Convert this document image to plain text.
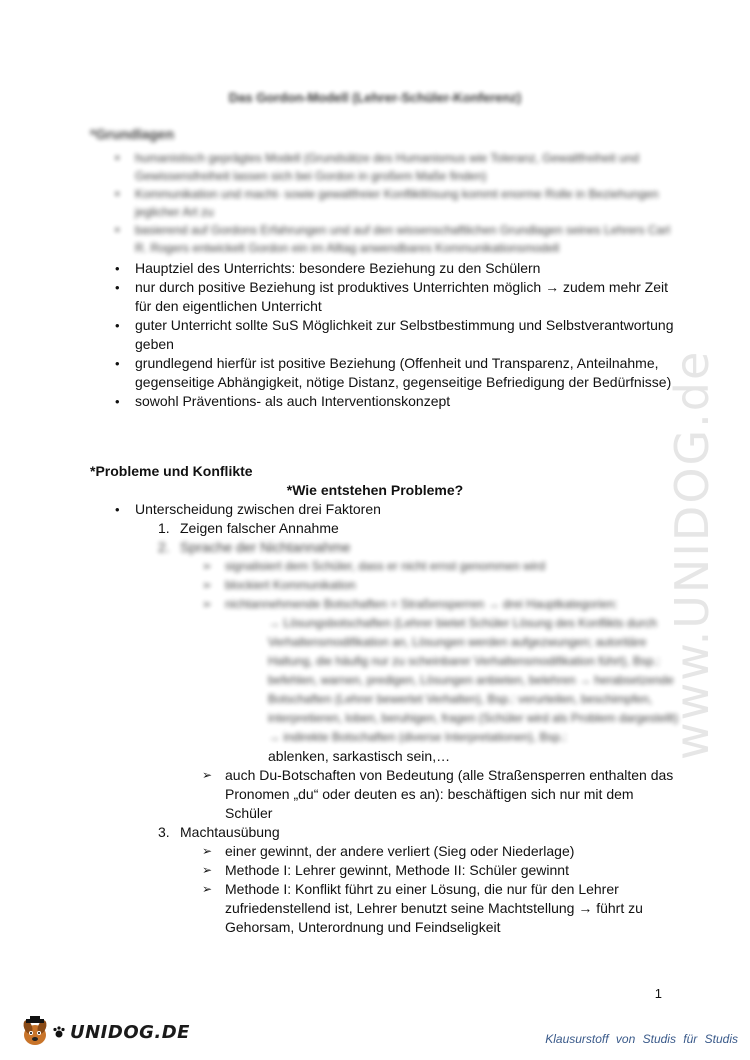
www.UNIDOG.de
Das Gordon-Modell (Lehrer-Schüler-Konferenz)

*Grundlagen

• humanistisch geprägtes Modell (Grundsätze des Humanismus wie Toleranz, Gewaltfreiheit und Gewissensfreiheit lassen sich bei Gordon in großem Maße finden)
• Kommunikation und macht- sowie gewaltfreier Konfliktlösung kommt enorme Rolle in Beziehungen jeglicher Art zu
• basierend auf Gordons Erfahrungen und auf den wissenschaftlichen Grundlagen seines Lehrers Carl R. Rogers entwickelt Gordon ein im Alltag anwendbares Kommunikationsmodell
• Hauptziel des Unterrichts: besondere Beziehung zu den Schülern
• nur durch positive Beziehung ist produktives Unterrichten möglich → zudem mehr Zeit für den eigentlichen Unterricht
• guter Unterricht sollte SuS Möglichkeit zur Selbstbestimmung und Selbstverantwortung geben
• grundlegend hierfür ist positive Beziehung (Offenheit und Transparenz, Anteilnahme, gegenseitige Abhängigkeit, nötige Distanz, gegenseitige Befriedigung der Bedürfnisse)
• sowohl Präventions- als auch Interventionskonzept

*Probleme und Konflikte

*Wie entstehen Probleme?
• Unterscheidung zwischen drei Faktoren
1. Zeigen falscher Annahme
2. Sprache der Nichtannahme
➢ signalisiert dem Schüler, dass er nicht ernst genommen wird
➢ blockiert Kommunikation
➢ nichtannehmende Botschaften = Straßensperren → drei Hauptkategorien:
→ Lösungsbotschaften (Lehrer bietet Schüler Lösung des Konflikts durch Verhaltensmodifikation an, Lösungen werden aufgezwungen; autoritäre Haltung, die häufig nur zu scheinbarer Verhaltensmodifikation führt), Bsp.: befehlen, warnen, predigen, Lösungen anbieten, belehren → herabsetzende Botschaften (Lehrer bewertet Verhalten), Bsp.: verurteilen, beschimpfen, interpretieren, loben, beruhigen, fragen (Schüler wird als Problem dargestellt) → indirekte Botschaften (diverse Interpretationen), Bsp.:
ablenken, sarkastisch sein,…
➢ auch Du-Botschaften von Bedeutung (alle Straßensperren enthalten das Pronomen „du“ oder deuten es an): beschäftigen sich nur mit dem Schüler
3. Machtausübung
➢ einer gewinnt, der andere verliert (Sieg oder Niederlage)
➢ Methode I: Lehrer gewinnt, Methode II: Schüler gewinnt
➢ Methode I: Konflikt führt zu einer Lösung, die nur für den Lehrer zufriedenstellend ist, Lehrer benutzt seine Machtstellung → führt zu Gehorsam, Unterordnung und Feindseligkeit
1
UNIDOG.DE	Klausurstoff von Studis für Studis
